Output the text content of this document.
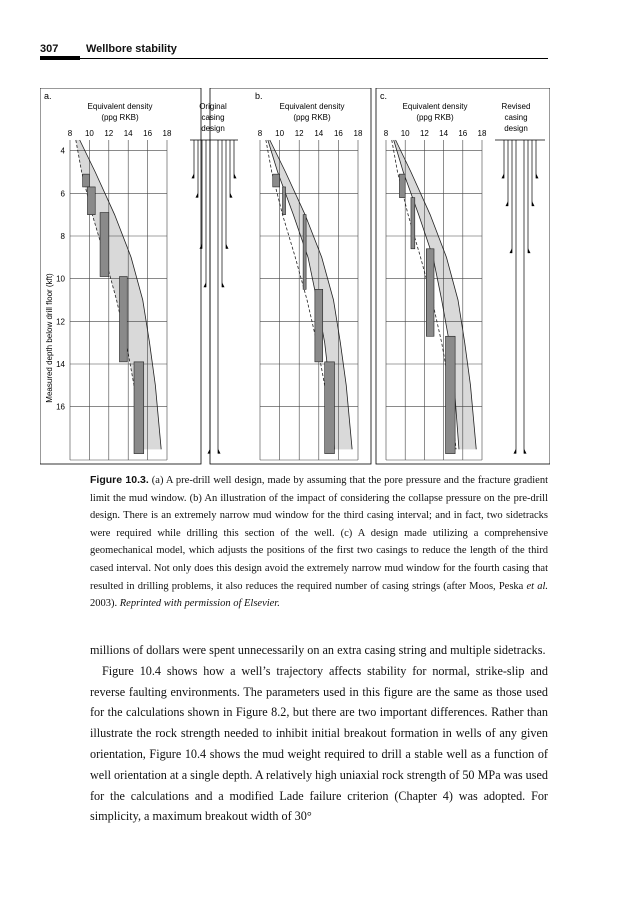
307	Wellbore stability
a.
Equivalent density
(ppg RKB)
Original
casing
design
b.
Equivalent density
(ppg RKB)
c.
Equivalent density
(ppg RKB)
Revised
casing
design
Measured depth below drill floor (kft)
8 10 12 14 16 18
4
6
8
10
12
14
16
8 10 12 14 16 18	8 10 12 14 16 18
Figure 10.3. (a) A pre-drill well design, made by assuming that the pore pressure and the fracture gradient limit the mud window. (b) An illustration of the impact of considering the collapse pressure on the pre-drill design. There is an extremely narrow mud window for the third casing interval; and in fact, two sidetracks were required while drilling this section of the well. (c) A design made utilizing a comprehensive geomechanical model, which adjusts the positions of the first two casings to reduce the length of the third cased interval. Not only does this design avoid the extremely narrow mud window for the fourth casing that resulted in drilling problems, it also reduces the required number of casing strings (after Moos, Peska et al. 2003). Reprinted with permission of Elsevier.

millions of dollars were spent unnecessarily on an extra casing string and multiple sidetracks.

Figure 10.4 shows how a well’s trajectory affects stability for normal, strike-slip and reverse faulting environments. The parameters used in this figure are the same as those used for the calculations shown in Figure 8.2, but there are two important differences. Rather than illustrate the rock strength needed to inhibit initial breakout formation in wells of any given orientation, Figure 10.4 shows the mud weight required to drill a stable well as a function of well orientation at a single depth. A relatively high uniaxial rock strength of 50 MPa was used for the calculations and a modified Lade failure criterion (Chapter 4) was adopted. For simplicity, a maximum breakout width of 30°
